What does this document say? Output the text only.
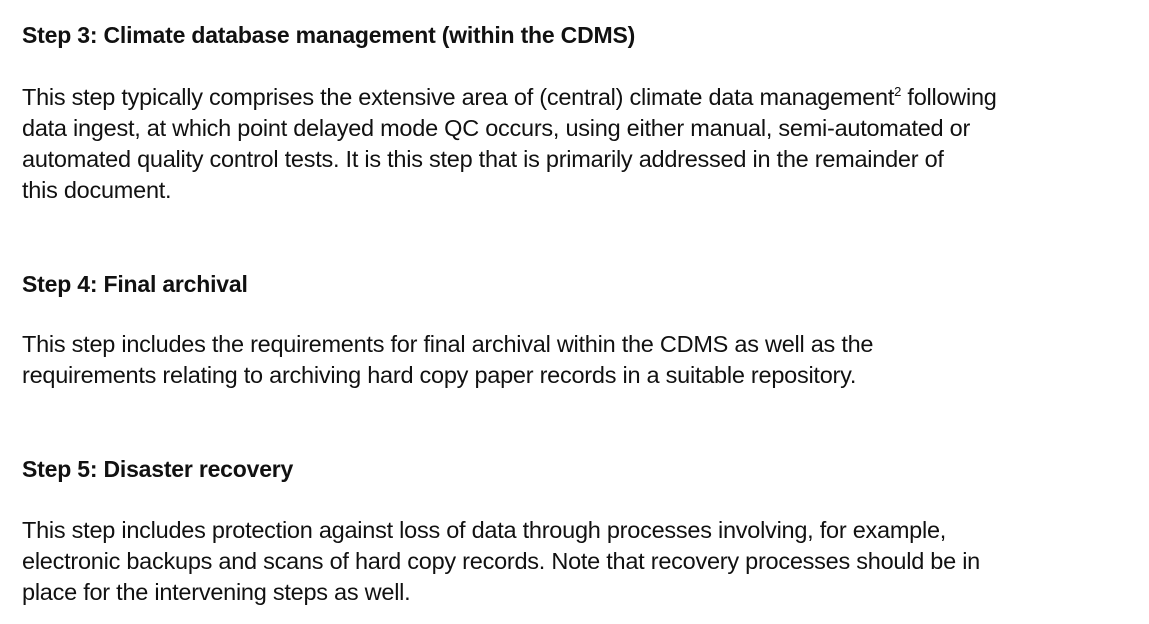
Step 3: Climate database management (within the CDMS)

This step typically comprises the extensive area of (central) climate data management$^2$ following
data ingest, at which point delayed mode QC occurs, using either manual, semi-automated or
automated quality control tests. It is this step that is primarily addressed in the remainder of
this document.

Step 4: Final archival

This step includes the requirements for final archival within the CDMS as well as the
requirements relating to archiving hard copy paper records in a suitable repository.

Step 5: Disaster recovery

This step includes protection against loss of data through processes involving, for example,
electronic backups and scans of hard copy records. Note that recovery processes should be in
place for the intervening steps as well.
